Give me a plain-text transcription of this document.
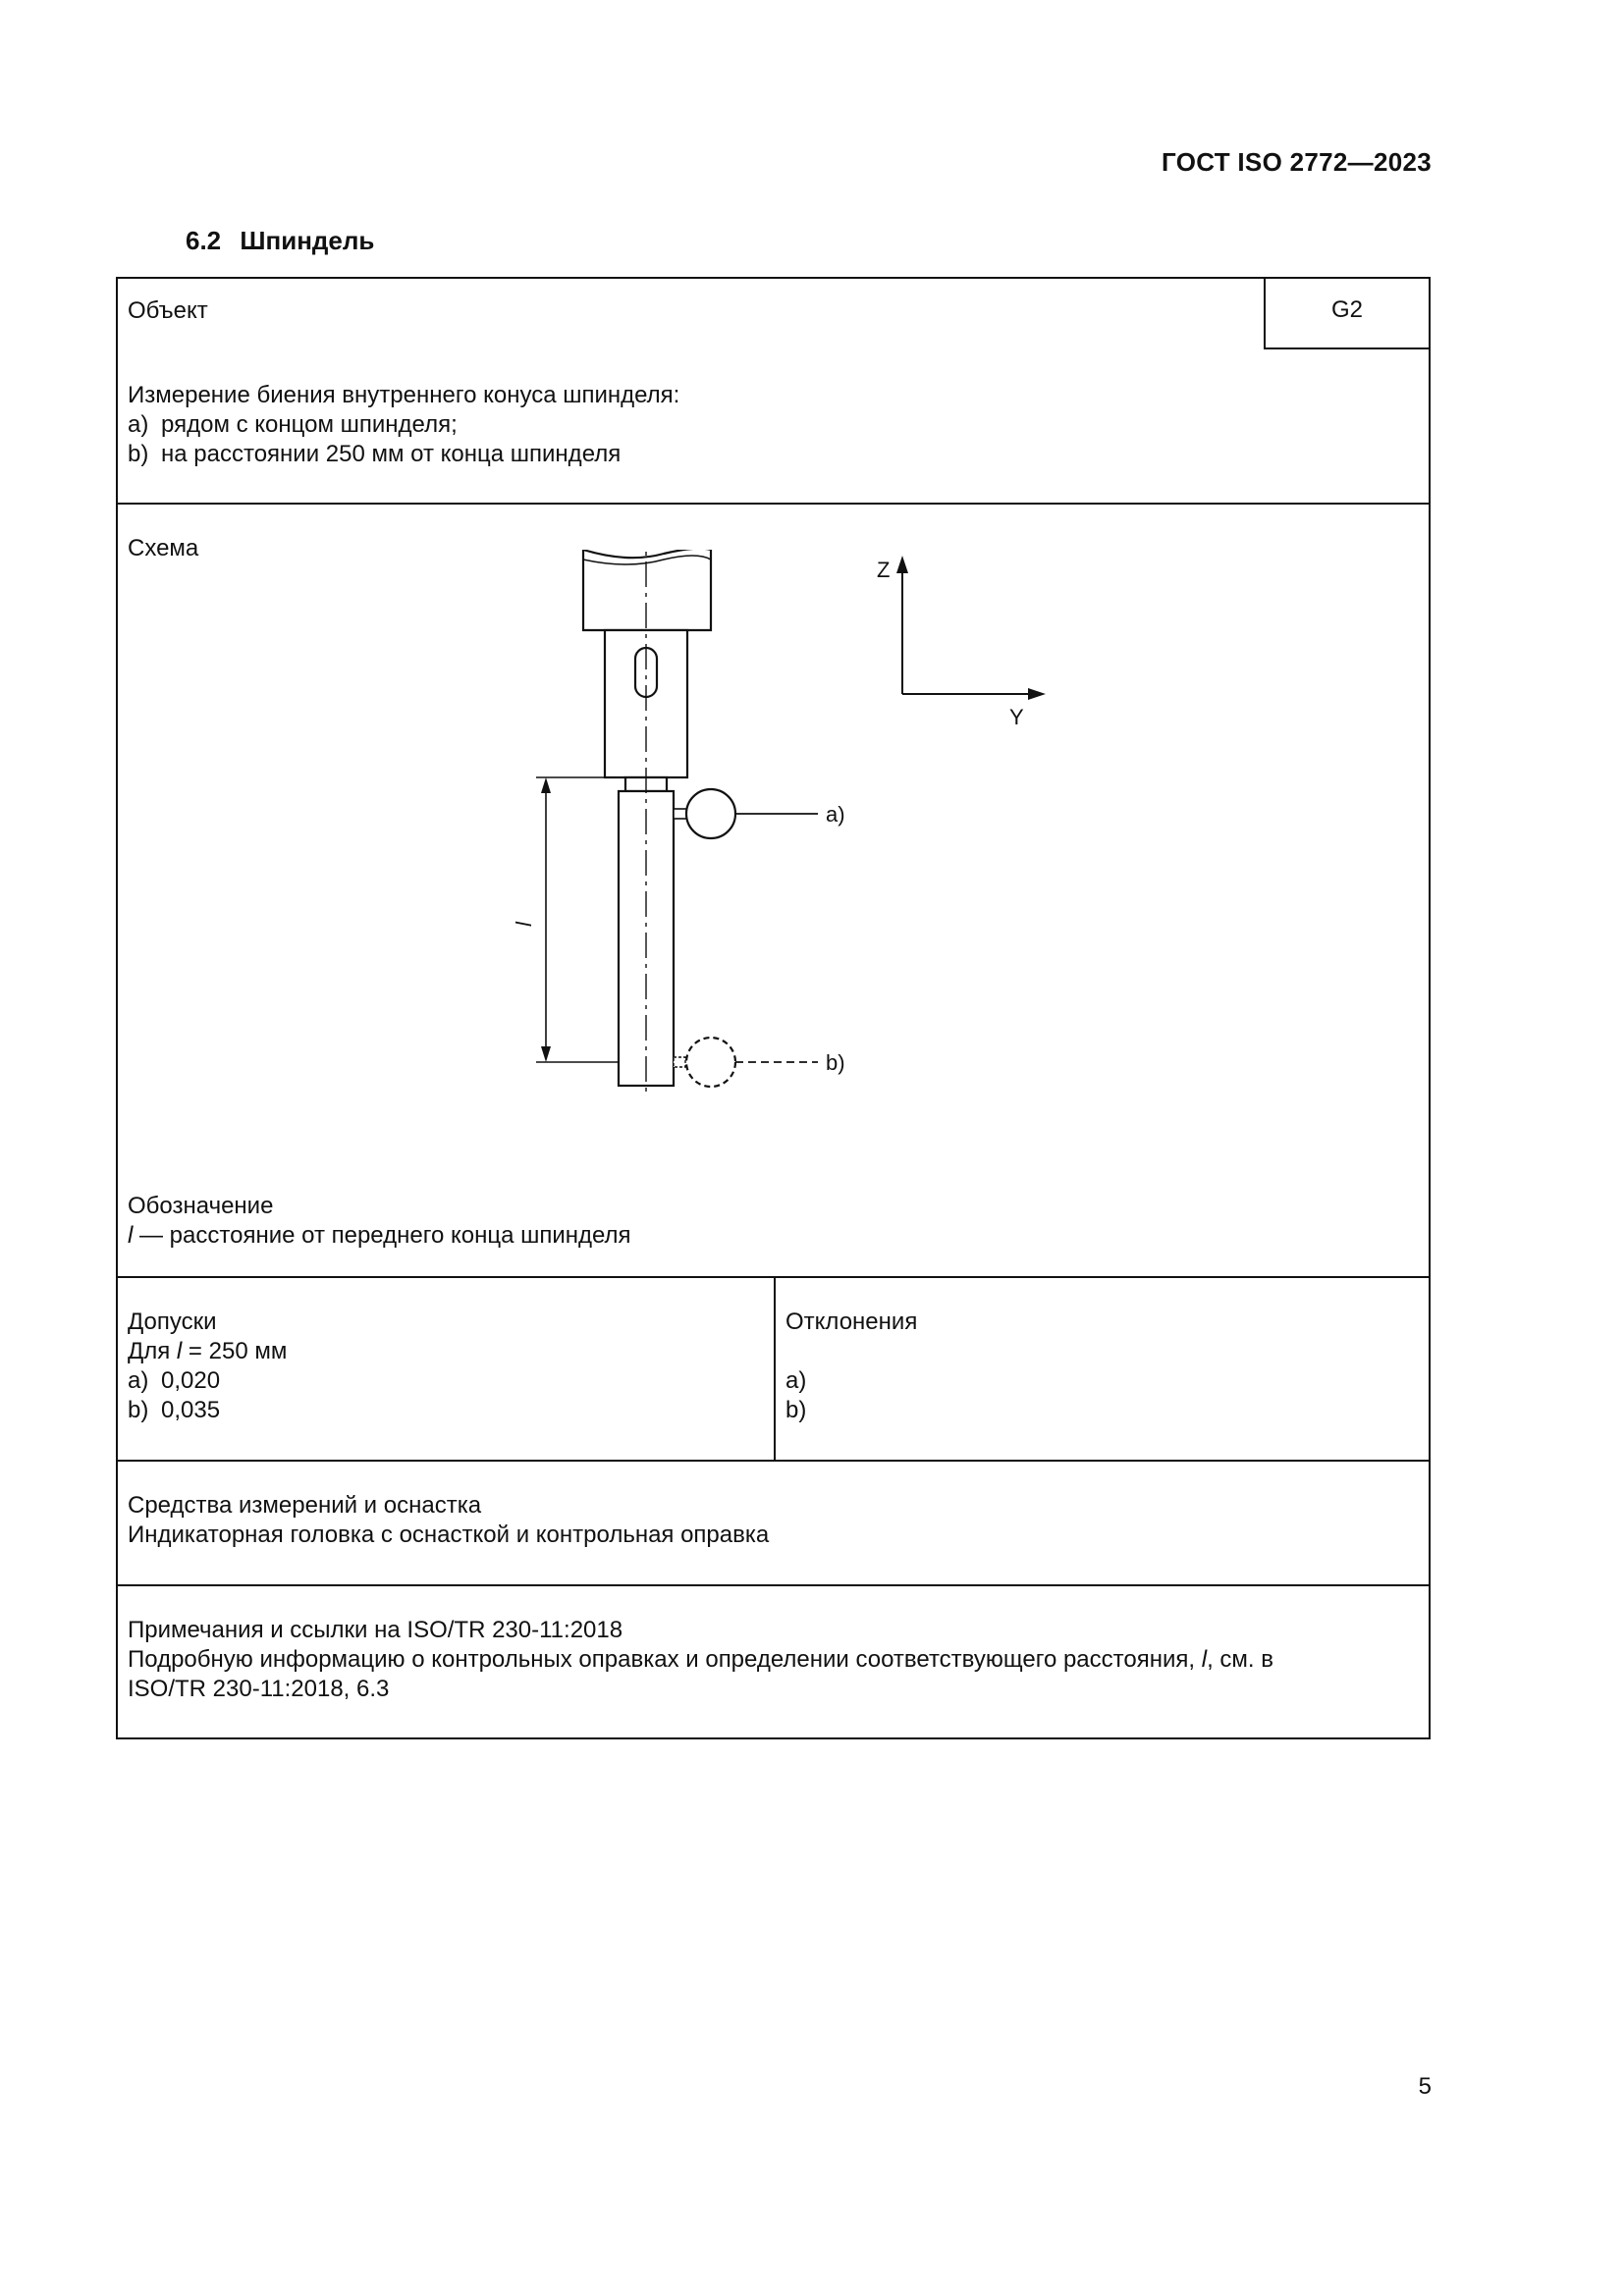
ГОСТ ISO 2772—2023
6.2 Шпиндель
Объект	G2
Измерение биения внутреннего конуса шпинделя:
a) рядом с концом шпинделя;
b) на расстоянии 250 мм от конца шпинделя
Схема
Z
Y
a)
b)
l
Обозначение
l — расстояние от переднего конца шпинделя
Допуски
Для l = 250 мм
a) 0,020
b) 0,035
Отклонения
a)
b)
Средства измерений и оснастка
Индикаторная головка с оснасткой и контрольная оправка
Примечания и ссылки на ISO/TR 230-11:2018
Подробную информацию о контрольных оправках и определении соответствующего расстояния, l, см. в
ISO/TR 230-11:2018, 6.3
5
